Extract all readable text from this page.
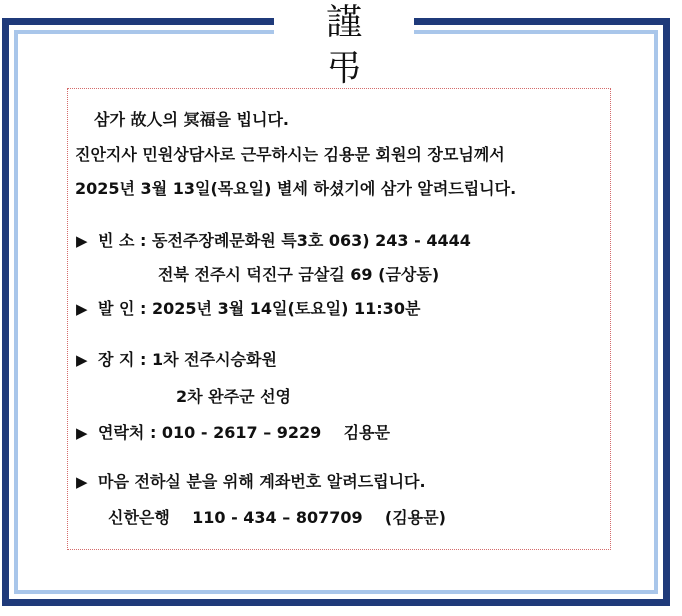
謹 弔
삼가 故人의 冥福을 빕니다.
진안지사 민원상담사로 근무하시는 김용문 회원의 장모님께서
2025년 3월 13일(목요일) 별세 하셨기에 삼가 알려드립니다.
▶ 빈 소 : 동전주장례문화원 특3호 063) 243 - 4444
전북 전주시 덕진구 금살길 69 (금상동)
▶ 발 인 : 2025년 3월 14일(토요일) 11:30분
▶ 장 지 : 1차 전주시승화원
2차 완주군 선영
▶ 연락처 : 010 - 2617 – 9229    김용문
▶ 마음 전하실 분을 위해 계좌번호 알려드립니다.
신한은행    110 - 434 – 807709    (김용문)
